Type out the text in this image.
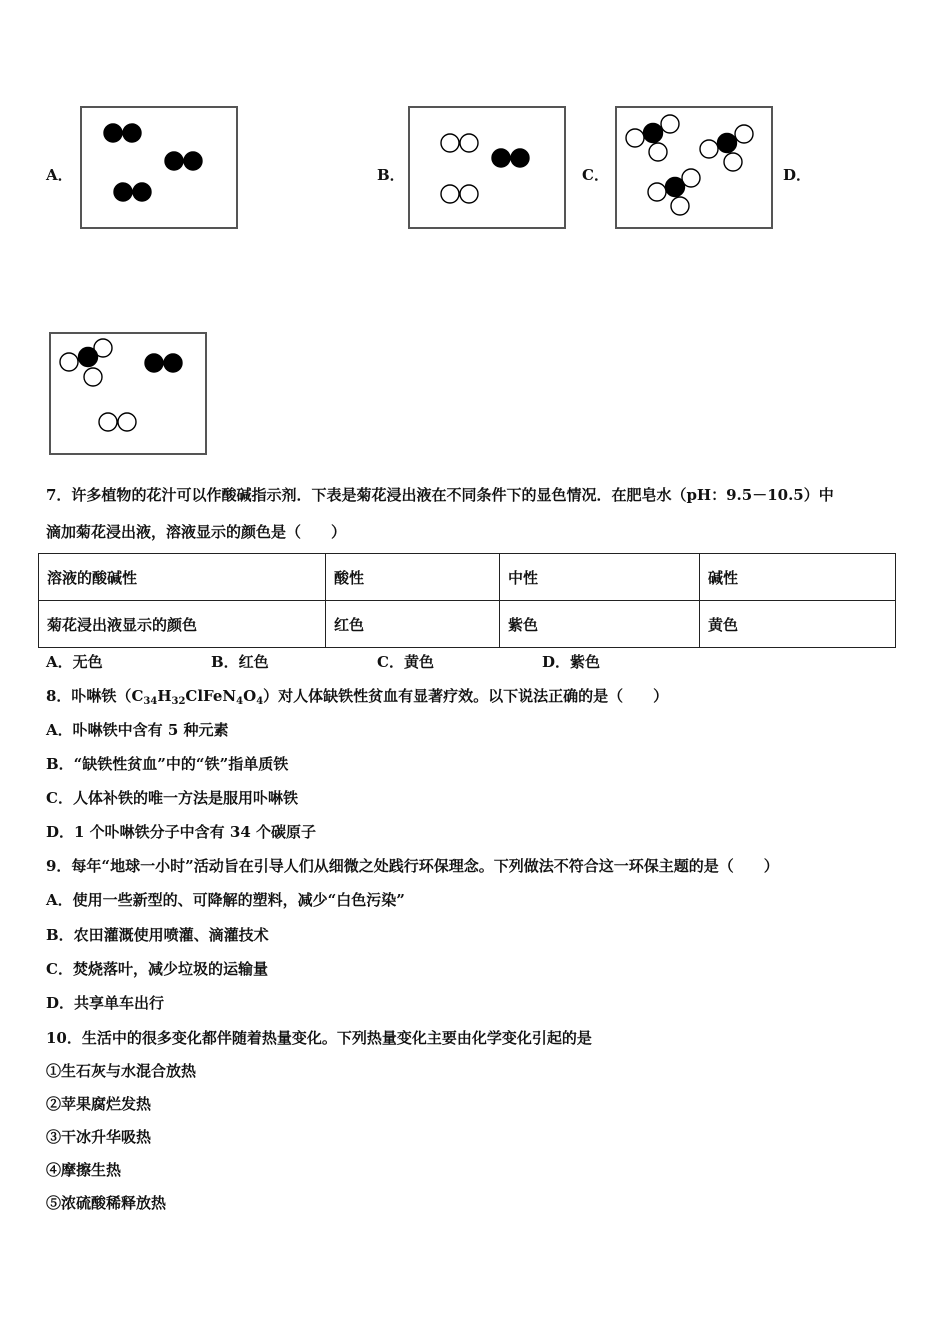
A．	B．	C．	D．
7．许多植物的花汁可以作酸碱指示剂．下表是菊花浸出液在不同条件下的显色情况．在肥皂水（pH：9.5－10.5）中
滴加菊花浸出液，溶液显示的颜色是（　　）
溶液的酸碱性	酸性	中性	碱性
菊花浸出液显示的颜色	红色	紫色	黄色
A．无色	B．红色	C．黄色	D．紫色
8．卟啉铁$(C_{34}H_{32}ClFeN_4O_4)$对人体缺铁性贫血有显著疗效。以下说法正确的是（　　）
A．卟啉铁中含有 5 种元素
B．“缺铁性贫血”中的“铁”指单质铁
C．人体补铁的唯一方法是服用卟啉铁
D．1 个卟啉铁分子中含有 34 个碳原子
9．每年“地球一小时”活动旨在引导人们从细微之处践行环保理念。下列做法不符合这一环保主题的是（　　）
A．使用一些新型的、可降解的塑料，减少“白色污染”
B．农田灌溉使用喷灌、滴灌技术
C．焚烧落叶，减少垃圾的运输量
D．共享单车出行
10．生活中的很多变化都伴随着热量变化。下列热量变化主要由化学变化引起的是
①生石灰与水混合放热
②苹果腐烂发热
③干冰升华吸热
④摩擦生热
⑤浓硫酸稀释放热
